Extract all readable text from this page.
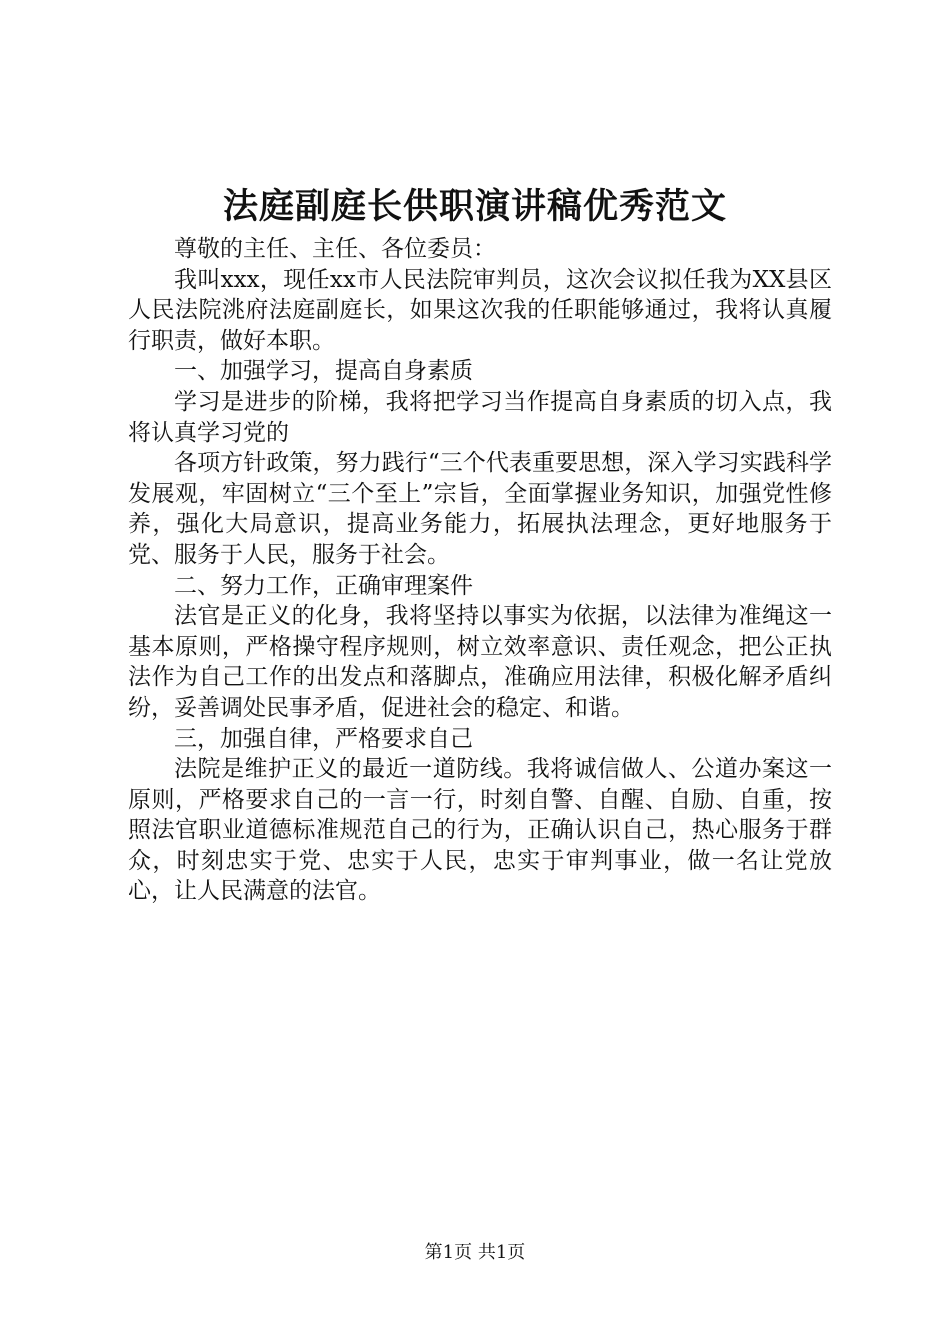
法庭副庭长供职演讲稿优秀范文

尊敬的主任、主任、各位委员：

我叫xxx，现任xx市人民法院审判员，这次会议拟任我为XX县区人民法院洮府法庭副庭长，如果这次我的任职能够通过，我将认真履行职责，做好本职。

一、加强学习，提高自身素质

学习是进步的阶梯，我将把学习当作提高自身素质的切入点，我将认真学习党的

各项方针政策，努力践行“三个代表重要思想，深入学习实践科学发展观，牢固树立“三个至上”宗旨，全面掌握业务知识，加强党性修养，强化大局意识，提高业务能力，拓展执法理念，更好地服务于党、服务于人民，服务于社会。

二、努力工作，正确审理案件

法官是正义的化身，我将坚持以事实为依据，以法律为准绳这一基本原则，严格操守程序规则，树立效率意识、责任观念，把公正执法作为自己工作的出发点和落脚点，准确应用法律，积极化解矛盾纠纷，妥善调处民事矛盾，促进社会的稳定、和谐。

三，加强自律，严格要求自己

法院是维护正义的最近一道防线。我将诚信做人、公道办案这一原则，严格要求自己的一言一行，时刻自警、自醒、自励、自重，按照法官职业道德标准规范自己的行为，正确认识自己，热心服务于群众，时刻忠实于党、忠实于人民，忠实于审判事业，做一名让党放心，让人民满意的法官。

第1页 共1页
